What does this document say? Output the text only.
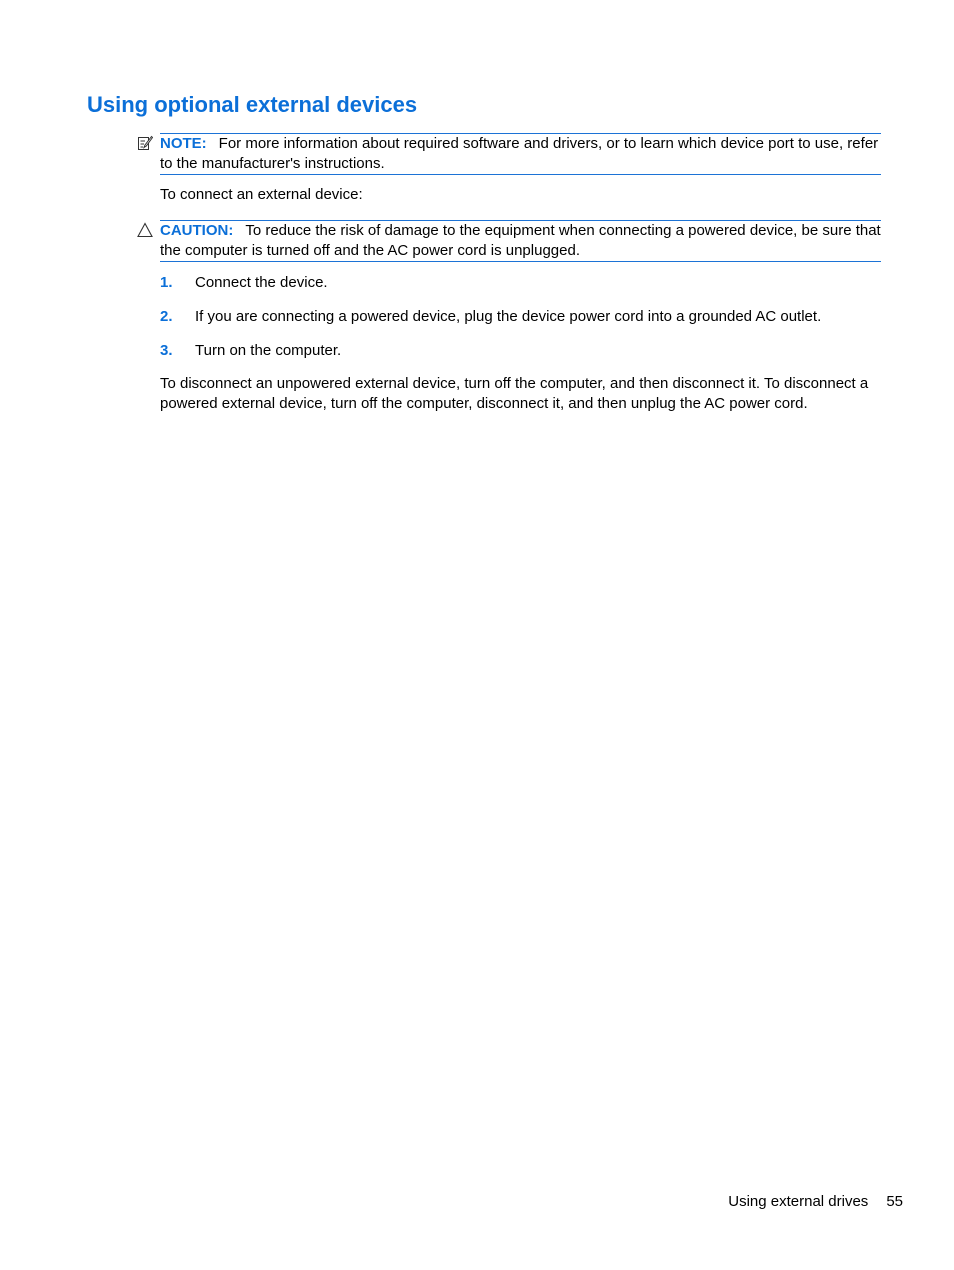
Using optional external devices
NOTE: For more information about required software and drivers, or to learn which device port to use, refer to the manufacturer's instructions.

To connect an external device:

CAUTION: To reduce the risk of damage to the equipment when connecting a powered device, be sure that the computer is turned off and the AC power cord is unplugged.
1. Connect the device.
2. If you are connecting a powered device, plug the device power cord into a grounded AC outlet.
3. Turn on the computer.

To disconnect an unpowered external device, turn off the computer, and then disconnect it. To disconnect a powered external device, turn off the computer, disconnect it, and then unplug the AC power cord.

Using external drives 55
